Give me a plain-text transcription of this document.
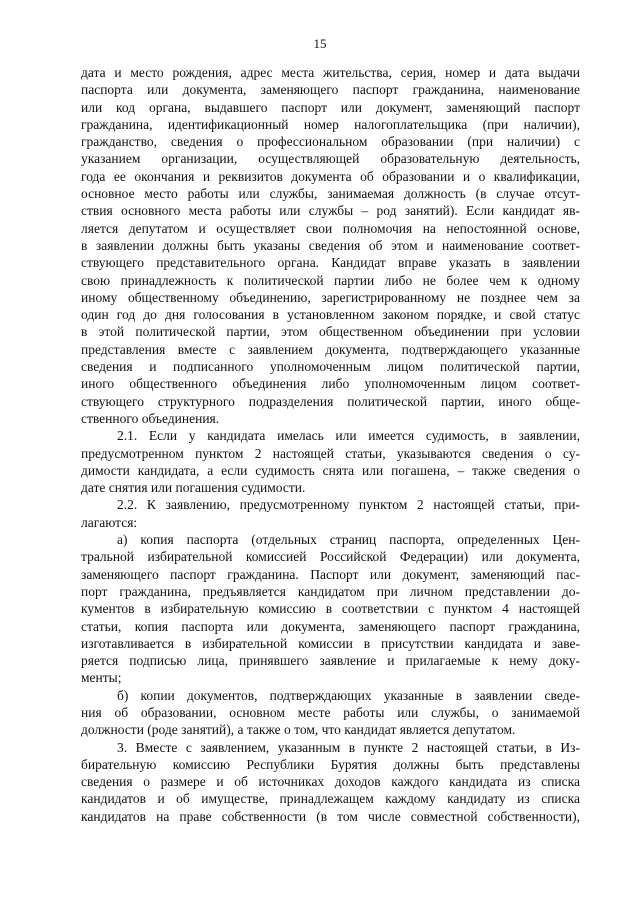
15
дата и место рождения, адрес места жительства, серия, номер и дата выдачи
паспорта или документа, заменяющего паспорт гражданина, наименование
или код органа, выдавшего паспорт или документ, заменяющий паспорт
гражданина, идентификационный номер налогоплательщика (при наличии),
гражданство, сведения о профессиональном образовании (при наличии) с
указанием организации, осуществляющей образовательную деятельность,
года ее окончания и реквизитов документа об образовании и о квалификации,
основное место работы или службы, занимаемая должность (в случае отсут-
ствия основного места работы или службы – род занятий). Если кандидат яв-
ляется депутатом и осуществляет свои полномочия на непостоянной основе,
в заявлении должны быть указаны сведения об этом и наименование соответ-
ствующего представительного органа. Кандидат вправе указать в заявлении
свою принадлежность к политической партии либо не более чем к одному
иному общественному объединению, зарегистрированному не позднее чем за
один год до дня голосования в установленном законом порядке, и свой статус
в этой политической партии, этом общественном объединении при условии
представления вместе с заявлением документа, подтверждающего указанные
сведения и подписанного уполномоченным лицом политической партии,
иного общественного объединения либо уполномоченным лицом соответ-
ствующего структурного подразделения политической партии, иного обще-
ственного объединения.
2.1. Если у кандидата имелась или имеется судимость, в заявлении,
предусмотренном пунктом 2 настоящей статьи, указываются сведения о су-
димости кандидата, а если судимость снята или погашена, – также сведения о
дате снятия или погашения судимости.
2.2. К заявлению, предусмотренному пунктом 2 настоящей статьи, при-
лагаются:
а) копия паспорта (отдельных страниц паспорта, определенных Цен-
тральной избирательной комиссией Российской Федерации) или документа,
заменяющего паспорт гражданина. Паспорт или документ, заменяющий пас-
порт гражданина, предъявляется кандидатом при личном представлении до-
кументов в избирательную комиссию в соответствии с пунктом 4 настоящей
статьи, копия паспорта или документа, заменяющего паспорт гражданина,
изготавливается в избирательной комиссии в присутствии кандидата и заве-
ряется подписью лица, принявшего заявление и прилагаемые к нему доку-
менты;
б) копии документов, подтверждающих указанные в заявлении сведе-
ния об образовании, основном месте работы или службы, о занимаемой
должности (роде занятий), а также о том, что кандидат является депутатом.
3. Вместе с заявлением, указанным в пункте 2 настоящей статьи, в Из-
бирательную комиссию Республики Бурятия должны быть представлены
сведения о размере и об источниках доходов каждого кандидата из списка
кандидатов и об имуществе, принадлежащем каждому кандидату из списка
кандидатов на праве собственности (в том числе совместной собственности),
